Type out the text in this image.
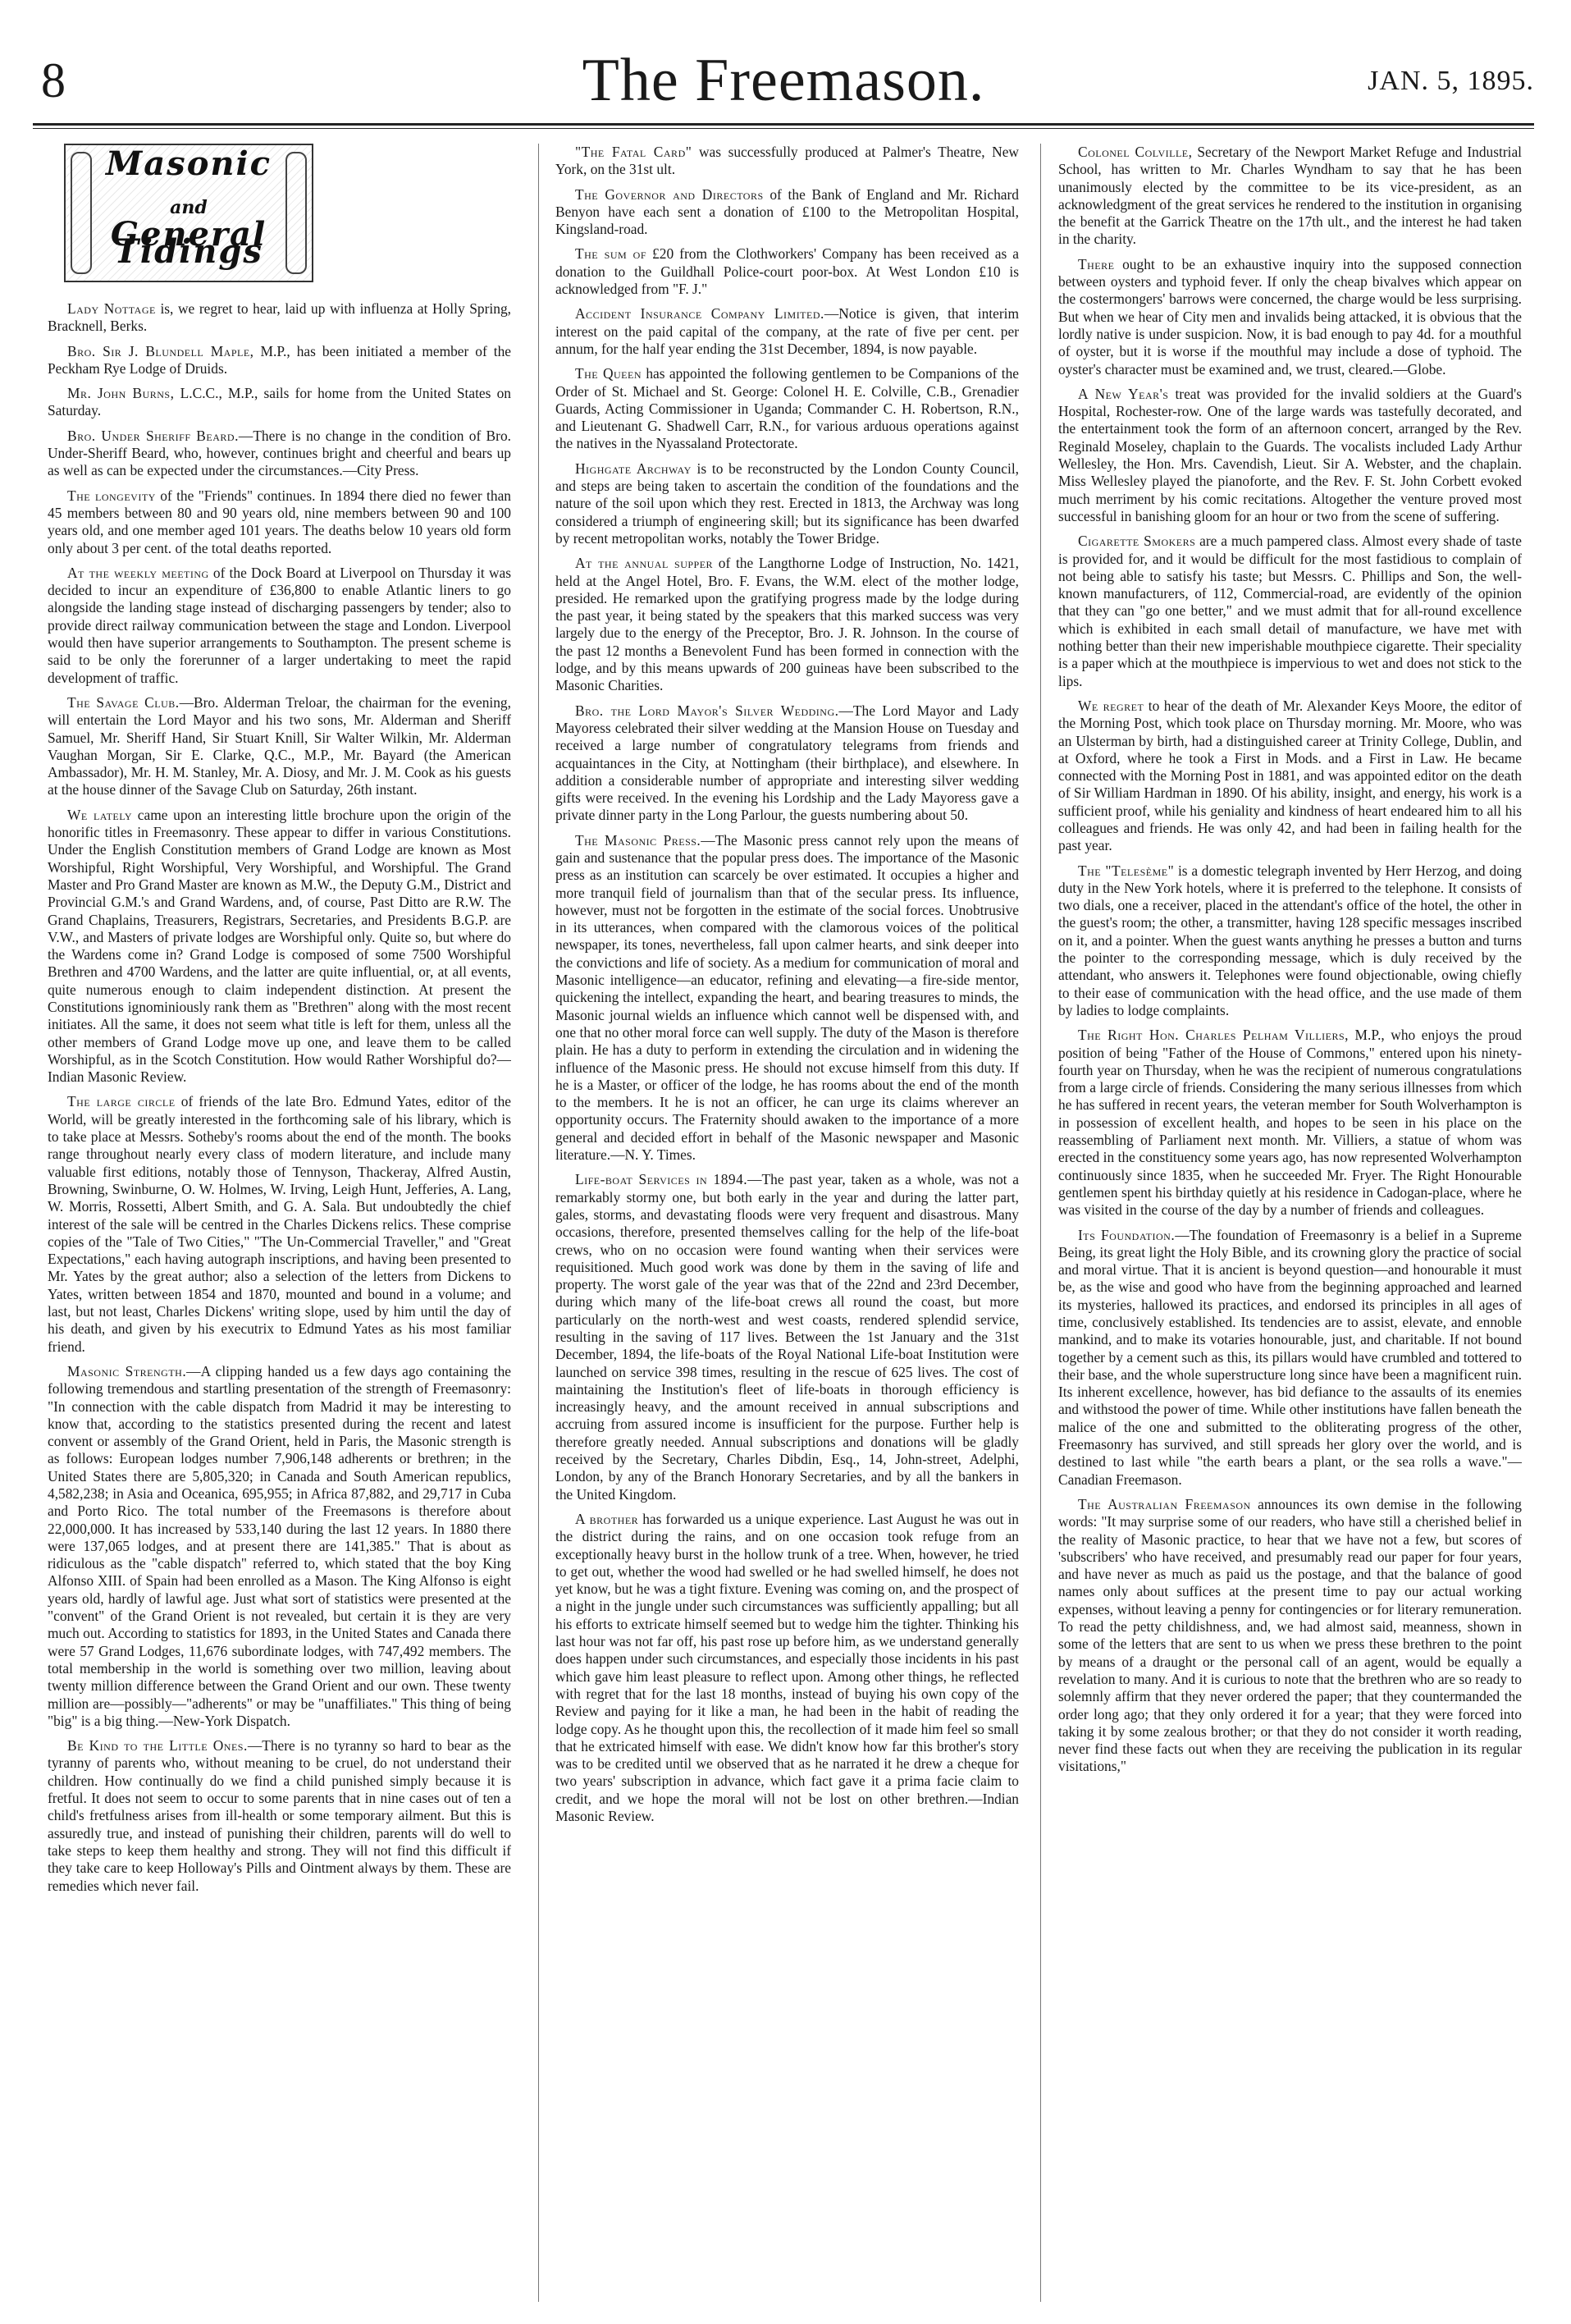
8	The Freemason.	JAN. 5, 1895.
Masonic
and
General Tidings

Lady Nottage is, we regret to hear, laid up with influenza at Holly Spring, Bracknell, Berks.

Bro. Sir J. Blundell Maple, M.P., has been initiated a member of the Peckham Rye Lodge of Druids.

Mr. John Burns, L.C.C., M.P., sails for home from the United States on Saturday.

Bro. Under Sheriff Beard.—There is no change in the condition of Bro. Under-Sheriff Beard, who, however, continues bright and cheerful and bears up as well as can be expected under the circumstances.—City Press.

The longevity of the "Friends" continues. In 1894 there died no fewer than 45 members between 80 and 90 years old, nine members between 90 and 100 years old, and one member aged 101 years. The deaths below 10 years old form only about 3 per cent. of the total deaths reported.

At the weekly meeting of the Dock Board at Liverpool on Thursday it was decided to incur an expenditure of £36,800 to enable Atlantic liners to go alongside the landing stage instead of discharging passengers by tender; also to provide direct railway communication between the stage and London. Liverpool would then have superior arrangements to Southampton. The present scheme is said to be only the forerunner of a larger undertaking to meet the rapid development of traffic.

The Savage Club.—Bro. Alderman Treloar, the chairman for the evening, will entertain the Lord Mayor and his two sons, Mr. Alderman and Sheriff Samuel, Mr. Sheriff Hand, Sir Stuart Knill, Sir Walter Wilkin, Mr. Alderman Vaughan Morgan, Sir E. Clarke, Q.C., M.P., Mr. Bayard (the American Ambassador), Mr. H. M. Stanley, Mr. A. Diosy, and Mr. J. M. Cook as his guests at the house dinner of the Savage Club on Saturday, 26th instant.

We lately came upon an interesting little brochure upon the origin of the honorific titles in Freemasonry. These appear to differ in various Constitutions. Under the English Constitution members of Grand Lodge are known as Most Worshipful, Right Worshipful, Very Worshipful, and Worshipful. The Grand Master and Pro Grand Master are known as M.W., the Deputy G.M., District and Provincial G.M.'s and Grand Wardens, and, of course, Past Ditto are R.W. The Grand Chaplains, Treasurers, Registrars, Secretaries, and Presidents B.G.P. are V.W., and Masters of private lodges are Worshipful only. Quite so, but where do the Wardens come in? Grand Lodge is composed of some 7500 Worshipful Brethren and 4700 Wardens, and the latter are quite influential, or, at all events, quite numerous enough to claim independent distinction. At present the Constitutions ignominiously rank them as "Brethren" along with the most recent initiates. All the same, it does not seem what title is left for them, unless all the other members of Grand Lodge move up one, and leave them to be called Worshipful, as in the Scotch Constitution. How would Rather Worshipful do?—Indian Masonic Review.

The large circle of friends of the late Bro. Edmund Yates, editor of the World, will be greatly interested in the forthcoming sale of his library, which is to take place at Messrs. Sotheby's rooms about the end of the month. The books range throughout nearly every class of modern literature, and include many valuable first editions, notably those of Tennyson, Thackeray, Alfred Austin, Browning, Swinburne, O. W. Holmes, W. Irving, Leigh Hunt, Jefferies, A. Lang, W. Morris, Rossetti, Albert Smith, and G. A. Sala. But undoubtedly the chief interest of the sale will be centred in the Charles Dickens relics. These comprise copies of the "Tale of Two Cities," "The Un-Commercial Traveller," and "Great Expectations," each having autograph inscriptions, and having been presented to Mr. Yates by the great author; also a selection of the letters from Dickens to Yates, written between 1854 and 1870, mounted and bound in a volume; and last, but not least, Charles Dickens' writing slope, used by him until the day of his death, and given by his executrix to Edmund Yates as his most familiar friend.

Masonic Strength.—A clipping handed us a few days ago containing the following tremendous and startling presentation of the strength of Freemasonry: "In connection with the cable dispatch from Madrid it may be interesting to know that, according to the statistics presented during the recent and latest convent or assembly of the Grand Orient, held in Paris, the Masonic strength is as follows: European lodges number 7,906,148 adherents or brethren; in the United States there are 5,805,320; in Canada and South American republics, 4,582,238; in Asia and Oceanica, 695,955; in Africa 87,882, and 29,717 in Cuba and Porto Rico. The total number of the Freemasons is therefore about 22,000,000. It has increased by 533,140 during the last 12 years. In 1880 there were 137,065 lodges, and at present there are 141,385." That is about as ridiculous as the "cable dispatch" referred to, which stated that the boy King Alfonso XIII. of Spain had been enrolled as a Mason. The King Alfonso is eight years old, hardly of lawful age. Just what sort of statistics were presented at the "convent" of the Grand Orient is not revealed, but certain it is they are very much out. According to statistics for 1893, in the United States and Canada there were 57 Grand Lodges, 11,676 subordinate lodges, with 747,492 members. The total membership in the world is something over two million, leaving about twenty million difference between the Grand Orient and our own. These twenty million are—possibly—"adherents" or may be "unaffiliates." This thing of being "big" is a big thing.—New-York Dispatch.

Be Kind to the Little Ones.—There is no tyranny so hard to bear as the tyranny of parents who, without meaning to be cruel, do not understand their children. How continually do we find a child punished simply because it is fretful. It does not seem to occur to some parents that in nine cases out of ten a child's fretfulness arises from ill-health or some temporary ailment. But this is assuredly true, and instead of punishing their children, parents will do well to take steps to keep them healthy and strong. They will not find this difficult if they take care to keep Holloway's Pills and Ointment always by them. These are remedies which never fail.

"The Fatal Card" was successfully produced at Palmer's Theatre, New York, on the 31st ult.

The Governor and Directors of the Bank of England and Mr. Richard Benyon have each sent a donation of £100 to the Metropolitan Hospital, Kingsland-road.

The sum of £20 from the Clothworkers' Company has been received as a donation to the Guildhall Police-court poor-box. At West London £10 is acknowledged from "F. J."

Accident Insurance Company Limited.—Notice is given, that interim interest on the paid capital of the company, at the rate of five per cent. per annum, for the half year ending the 31st December, 1894, is now payable.

The Queen has appointed the following gentlemen to be Companions of the Order of St. Michael and St. George: Colonel H. E. Colville, C.B., Grenadier Guards, Acting Commissioner in Uganda; Commander C. H. Robertson, R.N., and Lieutenant G. Shadwell Carr, R.N., for various arduous operations against the natives in the Nyassaland Protectorate.

Highgate Archway is to be reconstructed by the London County Council, and steps are being taken to ascertain the condition of the foundations and the nature of the soil upon which they rest. Erected in 1813, the Archway was long considered a triumph of engineering skill; but its significance has been dwarfed by recent metropolitan works, notably the Tower Bridge.

At the annual supper of the Langthorne Lodge of Instruction, No. 1421, held at the Angel Hotel, Bro. F. Evans, the W.M. elect of the mother lodge, presided. He remarked upon the gratifying progress made by the lodge during the past year, it being stated by the speakers that this marked success was very largely due to the energy of the Preceptor, Bro. J. R. Johnson. In the course of the past 12 months a Benevolent Fund has been formed in connection with the lodge, and by this means upwards of 200 guineas have been subscribed to the Masonic Charities.

Bro. the Lord Mayor's Silver Wedding.—The Lord Mayor and Lady Mayoress celebrated their silver wedding at the Mansion House on Tuesday and received a large number of congratulatory telegrams from friends and acquaintances in the City, at Nottingham (their birthplace), and elsewhere. In addition a considerable number of appropriate and interesting silver wedding gifts were received. In the evening his Lordship and the Lady Mayoress gave a private dinner party in the Long Parlour, the guests numbering about 50.

The Masonic Press.—The Masonic press cannot rely upon the means of gain and sustenance that the popular press does. The importance of the Masonic press as an institution can scarcely be over estimated. It occupies a higher and more tranquil field of journalism than that of the secular press. Its influence, however, must not be forgotten in the estimate of the social forces. Unobtrusive in its utterances, when compared with the clamorous voices of the political newspaper, its tones, nevertheless, fall upon calmer hearts, and sink deeper into the convictions and life of society. As a medium for communication of moral and Masonic intelligence—an educator, refining and elevating—a fire-side mentor, quickening the intellect, expanding the heart, and bearing treasures to minds, the Masonic journal wields an influence which cannot well be dispensed with, and one that no other moral force can well supply. The duty of the Mason is therefore plain. He has a duty to perform in extending the circulation and in widening the influence of the Masonic press. He should not excuse himself from this duty. If he is a Master, or officer of the lodge, he has rooms about the end of the month to the members. It he is not an officer, he can urge its claims wherever an opportunity occurs. The Fraternity should awaken to the importance of a more general and decided effort in behalf of the Masonic newspaper and Masonic literature.—N. Y. Times.

Life-boat Services in 1894.—The past year, taken as a whole, was not a remarkably stormy one, but both early in the year and during the latter part, gales, storms, and devastating floods were very frequent and disastrous. Many occasions, therefore, presented themselves calling for the help of the life-boat crews, who on no occasion were found wanting when their services were requisitioned. Much good work was done by them in the saving of life and property. The worst gale of the year was that of the 22nd and 23rd December, during which many of the life-boat crews all round the coast, but more particularly on the north-west and west coasts, rendered splendid service, resulting in the saving of 117 lives. Between the 1st January and the 31st December, 1894, the life-boats of the Royal National Life-boat Institution were launched on service 398 times, resulting in the rescue of 625 lives. The cost of maintaining the Institution's fleet of life-boats in thorough efficiency is increasingly heavy, and the amount received in annual subscriptions and accruing from assured income is insufficient for the purpose. Further help is therefore greatly needed. Annual subscriptions and donations will be gladly received by the Secretary, Charles Dibdin, Esq., 14, John-street, Adelphi, London, by any of the Branch Honorary Secretaries, and by all the bankers in the United Kingdom.

A brother has forwarded us a unique experience. Last August he was out in the district during the rains, and on one occasion took refuge from an exceptionally heavy burst in the hollow trunk of a tree. When, however, he tried to get out, whether the wood had swelled or he had swelled himself, he does not yet know, but he was a tight fixture. Evening was coming on, and the prospect of a night in the jungle under such circumstances was sufficiently appalling; but all his efforts to extricate himself seemed but to wedge him the tighter. Thinking his last hour was not far off, his past rose up before him, as we understand generally does happen under such circumstances, and especially those incidents in his past which gave him least pleasure to reflect upon. Among other things, he reflected with regret that for the last 18 months, instead of buying his own copy of the Review and paying for it like a man, he had been in the habit of reading the lodge copy. As he thought upon this, the recollection of it made him feel so small that he extricated himself with ease. We didn't know how far this brother's story was to be credited until we observed that as he narrated it he drew a cheque for two years' subscription in advance, which fact gave it a prima facie claim to credit, and we hope the moral will not be lost on other brethren.—Indian Masonic Review.

Colonel Colville, Secretary of the Newport Market Refuge and Industrial School, has written to Mr. Charles Wyndham to say that he has been unanimously elected by the committee to be its vice-president, as an acknowledgment of the great services he rendered to the institution in organising the benefit at the Garrick Theatre on the 17th ult., and the interest he had taken in the charity.

There ought to be an exhaustive inquiry into the supposed connection between oysters and typhoid fever. If only the cheap bivalves which appear on the costermongers' barrows were concerned, the charge would be less surprising. But when we hear of City men and invalids being attacked, it is obvious that the lordly native is under suspicion. Now, it is bad enough to pay 4d. for a mouthful of oyster, but it is worse if the mouthful may include a dose of typhoid. The oyster's character must be examined and, we trust, cleared.—Globe.

A New Year's treat was provided for the invalid soldiers at the Guard's Hospital, Rochester-row. One of the large wards was tastefully decorated, and the entertainment took the form of an afternoon concert, arranged by the Rev. Reginald Moseley, chaplain to the Guards. The vocalists included Lady Arthur Wellesley, the Hon. Mrs. Cavendish, Lieut. Sir A. Webster, and the chaplain. Miss Wellesley played the pianoforte, and the Rev. F. St. John Corbett evoked much merriment by his comic recitations. Altogether the venture proved most successful in banishing gloom for an hour or two from the scene of suffering.

Cigarette Smokers are a much pampered class. Almost every shade of taste is provided for, and it would be difficult for the most fastidious to complain of not being able to satisfy his taste; but Messrs. C. Phillips and Son, the well-known manufacturers, of 112, Commercial-road, are evidently of the opinion that they can "go one better," and we must admit that for all-round excellence which is exhibited in each small detail of manufacture, we have met with nothing better than their new imperishable mouthpiece cigarette. Their speciality is a paper which at the mouthpiece is impervious to wet and does not stick to the lips.

We regret to hear of the death of Mr. Alexander Keys Moore, the editor of the Morning Post, which took place on Thursday morning. Mr. Moore, who was an Ulsterman by birth, had a distinguished career at Trinity College, Dublin, and at Oxford, where he took a First in Mods. and a First in Law. He became connected with the Morning Post in 1881, and was appointed editor on the death of Sir William Hardman in 1890. Of his ability, insight, and energy, his work is a sufficient proof, while his geniality and kindness of heart endeared him to all his colleagues and friends. He was only 42, and had been in failing health for the past year.

The "Telesème" is a domestic telegraph invented by Herr Herzog, and doing duty in the New York hotels, where it is preferred to the telephone. It consists of two dials, one a receiver, placed in the attendant's office of the hotel, the other in the guest's room; the other, a transmitter, having 128 specific messages inscribed on it, and a pointer. When the guest wants anything he presses a button and turns the pointer to the corresponding message, which is duly received by the attendant, who answers it. Telephones were found objectionable, owing chiefly to their ease of communication with the head office, and the use made of them by ladies to lodge complaints.

The Right Hon. Charles Pelham Villiers, M.P., who enjoys the proud position of being "Father of the House of Commons," entered upon his ninety-fourth year on Thursday, when he was the recipient of numerous congratulations from a large circle of friends. Considering the many serious illnesses from which he has suffered in recent years, the veteran member for South Wolverhampton is in possession of excellent health, and hopes to be seen in his place on the reassembling of Parliament next month. Mr. Villiers, a statue of whom was erected in the constituency some years ago, has now represented Wolverhampton continuously since 1835, when he succeeded Mr. Fryer. The Right Honourable gentlemen spent his birthday quietly at his residence in Cadogan-place, where he was visited in the course of the day by a number of friends and colleagues.

Its Foundation.—The foundation of Freemasonry is a belief in a Supreme Being, its great light the Holy Bible, and its crowning glory the practice of social and moral virtue. That it is ancient is beyond question—and honourable it must be, as the wise and good who have from the beginning approached and learned its mysteries, hallowed its practices, and endorsed its principles in all ages of time, conclusively established. Its tendencies are to assist, elevate, and ennoble mankind, and to make its votaries honourable, just, and charitable. If not bound together by a cement such as this, its pillars would have crumbled and tottered to their base, and the whole superstructure long since have been a magnificent ruin. Its inherent excellence, however, has bid defiance to the assaults of its enemies and withstood the power of time. While other institutions have fallen beneath the malice of the one and submitted to the obliterating progress of the other, Freemasonry has survived, and still spreads her glory over the world, and is destined to last while "the earth bears a plant, or the sea rolls a wave."—Canadian Freemason.

The Australian Freemason announces its own demise in the following words: "It may surprise some of our readers, who have still a cherished belief in the reality of Masonic practice, to hear that we have not a few, but scores of 'subscribers' who have received, and presumably read our paper for four years, and have never as much as paid us the postage, and that the balance of good names only about suffices at the present time to pay our actual working expenses, without leaving a penny for contingencies or for literary remuneration. To read the petty childishness, and, we had almost said, meanness, shown in some of the letters that are sent to us when we press these brethren to the point by means of a draught or the personal call of an agent, would be equally a revelation to many. And it is curious to note that the brethren who are so ready to solemnly affirm that they never ordered the paper; that they countermanded the order long ago; that they only ordered it for a year; that they were forced into taking it by some zealous brother; or that they do not consider it worth reading, never find these facts out when they are receiving the publication in its regular visitations,"
